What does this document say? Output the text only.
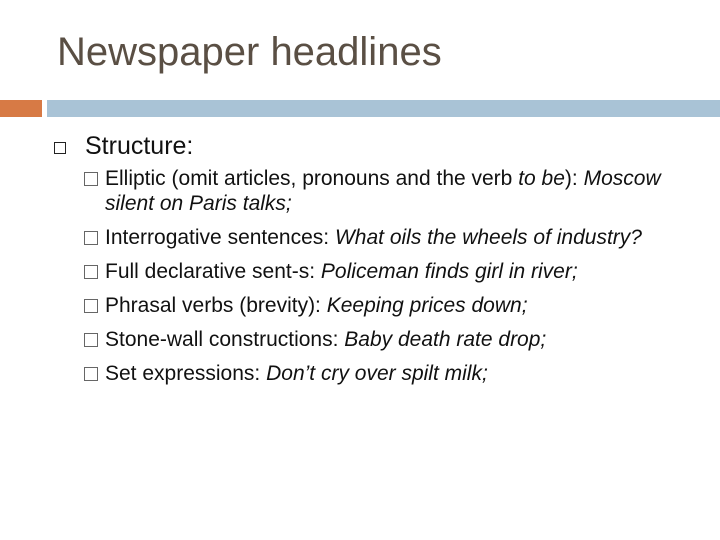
Newspaper headlines
Structure:
Elliptic (omit articles, pronouns and the verb to be): Moscow silent on Paris talks;
Interrogative sentences: What oils the wheels of industry?
Full declarative sent-s: Policeman finds girl in river;
Phrasal verbs (brevity): Keeping prices down;
Stone-wall constructions: Baby death rate drop;
Set expressions: Don’t cry over spilt milk;
